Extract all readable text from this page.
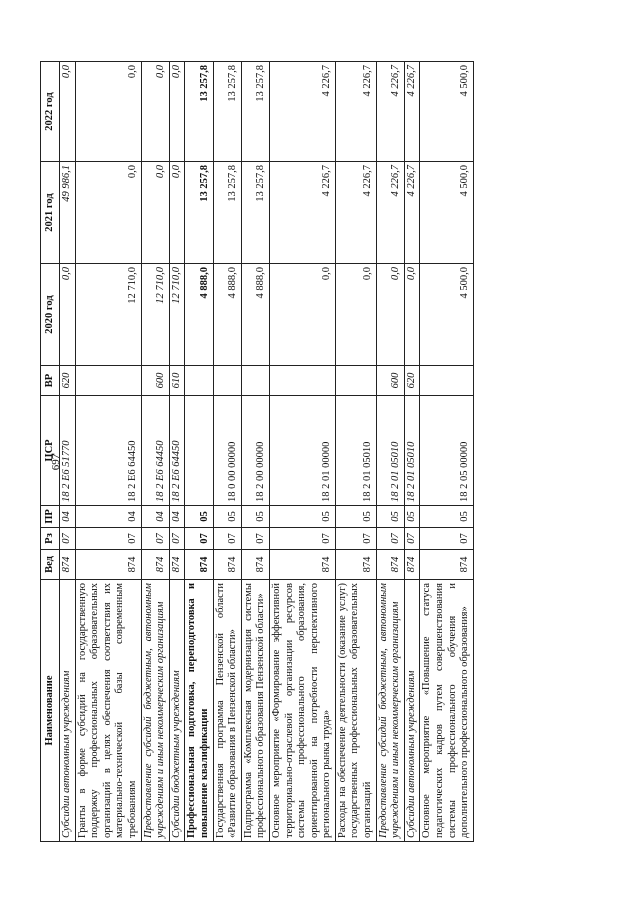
697
Наименование	Вед	Рз	ПР	ЦСР	ВР	2020 год	2021 год	2022 год
Субсидии автономным учреждениям	874	07	04	18 2 Е6 51770	620	0,0	49 986,1	0,0
Гранты в форме субсидий на государственную поддержку профессиональных образовательных организаций в целях обеспечения соответствия их материально-технической базы современным требованиям	874	07	04	18 2 Е6 64450		12 710,0	0,0	0,0
Предоставление субсидий бюджетным, автономным учреждениям и иным некоммерческим организациям	874	07	04	18 2 Е6 64450	600	12 710,0	0,0	0,0
Субсидии бюджетным учреждениям	874	07	04	18 2 Е6 64450	610	12 710,0	0,0	0,0
Профессиональная подготовка, переподготовка и повышение квалификации	874	07	05			4 888,0	13 257,8	13 257,8
Государственная программа Пензенской области «Развитие образования в Пензенской области»	874	07	05	18 0 00 00000		4 888,0	13 257,8	13 257,8
Подпрограмма «Комплексная модернизация системы профессионального образования Пензенской области»	874	07	05	18 2 00 00000		4 888,0	13 257,8	13 257,8
Основное мероприятие «Формирование эффективной территориально-отраслевой организации ресурсов системы профессионального образования, ориентированной на потребности перспективного регионального рынка труда»	874	07	05	18 2 01 00000		0,0	4 226,7	4 226,7
Расходы на обеспечение деятельности (оказание услуг) государственных профессиональных образовательных организаций	874	07	05	18 2 01 05010		0,0	4 226,7	4 226,7
Предоставление субсидий бюджетным, автономным учреждениям и иным некоммерческим организациям	874	07	05	18 2 01 05010	600	0,0	4 226,7	4 226,7
Субсидии автономным учреждениям	874	07	05	18 2 01 05010	620	0,0	4 226,7	4 226,7
Основное мероприятие «Повышение статуса педагогических кадров путем совершенствования системы профессионального обучения и дополнительного профессионального образования»	874	07	05	18 2 05 00000		4 500,0	4 500,0	4 500,0
